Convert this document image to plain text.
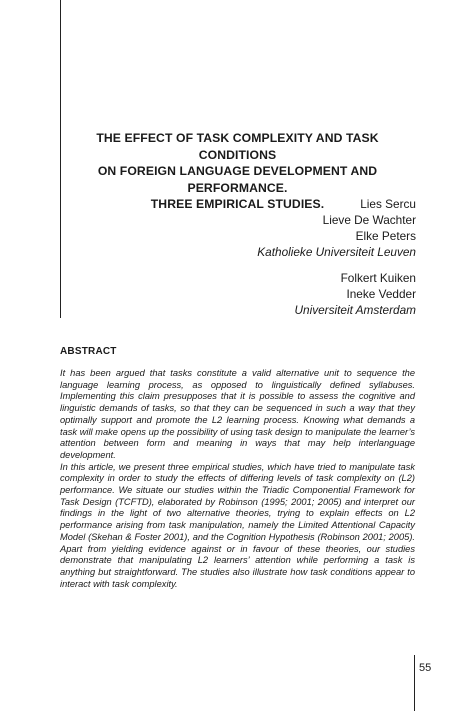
THE EFFECT OF TASK COMPLEXITY AND TASK CONDITIONS
ON FOREIGN LANGUAGE DEVELOPMENT AND PERFORMANCE.
THREE EMPIRICAL STUDIES.	Lies Sercu
Lieve De Wachter
Elke Peters
Katholieke Universiteit Leuven
Folkert Kuiken
Ineke Vedder
Universiteit Amsterdam
ABSTRACT

It has been argued that tasks constitute a valid alternative unit to sequence the language learning process, as opposed to linguistically defined syllabuses. Implementing this claim presupposes that it is possible to assess the cognitive and linguistic demands of tasks, so that they can be sequenced in such a way that they optimally support and promote the L2 learning process. Knowing what demands a task will make opens up the possibility of using task design to manipulate the learner’s attention between form and meaning in ways that may help interlanguage development.

In this article, we present three empirical studies, which have tried to manipulate task complexity in order to study the effects of differing levels of task complexity on (L2) performance. We situate our studies within the Triadic Componential Framework for Task Design (TCFTD), elaborated by Robinson (1995; 2001; 2005) and interpret our findings in the light of two alternative theories, trying to explain effects on L2 performance arising from task manipulation, namely the Limited Attentional Capacity Model (Skehan & Foster 2001), and the Cognition Hypothesis (Robinson 2001; 2005). Apart from yielding evidence against or in favour of these theories, our studies demonstrate that manipulating L2 learners’ attention while performing a task is anything but straightforward. The studies also illustrate how task conditions appear to interact with task complexity.

55
